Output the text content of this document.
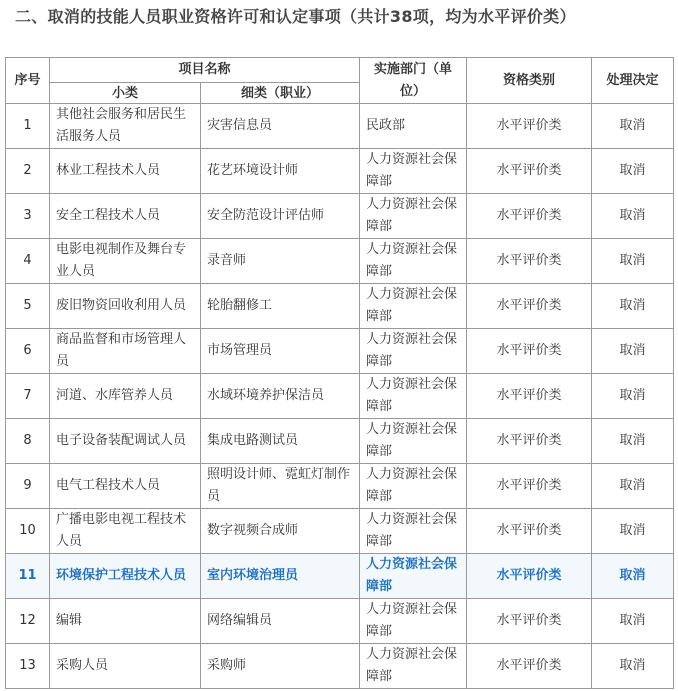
二、取消的技能人员职业资格许可和认定事项（共计38项，均为水平评价类）
序号	项目名称		实施部门（单位）	资格类别	处理决定
	小类	细类（职业）			
1	其他社会服务和居民生活服务人员	灾害信息员	民政部	水平评价类	取消
2	林业工程技术人员	花艺环境设计师	人力资源社会保障部	水平评价类	取消
3	安全工程技术人员	安全防范设计评估师	人力资源社会保障部	水平评价类	取消
4	电影电视制作及舞台专业人员	录音师	人力资源社会保障部	水平评价类	取消
5	废旧物资回收利用人员	轮胎翻修工	人力资源社会保障部	水平评价类	取消
6	商品监督和市场管理人员	市场管理员	人力资源社会保障部	水平评价类	取消
7	河道、水库管养人员	水域环境养护保洁员	人力资源社会保障部	水平评价类	取消
8	电子设备装配调试人员	集成电路测试员	人力资源社会保障部	水平评价类	取消
9	电气工程技术人员	照明设计师、霓虹灯制作员	人力资源社会保障部	水平评价类	取消
10	广播电影电视工程技术人员	数字视频合成师	人力资源社会保障部	水平评价类	取消
11	环境保护工程技术人员	室内环境治理员	人力资源社会保障部	水平评价类	取消
12	编辑	网络编辑员	人力资源社会保障部	水平评价类	取消
13	采购人员	采购师	人力资源社会保障部	水平评价类	取消
